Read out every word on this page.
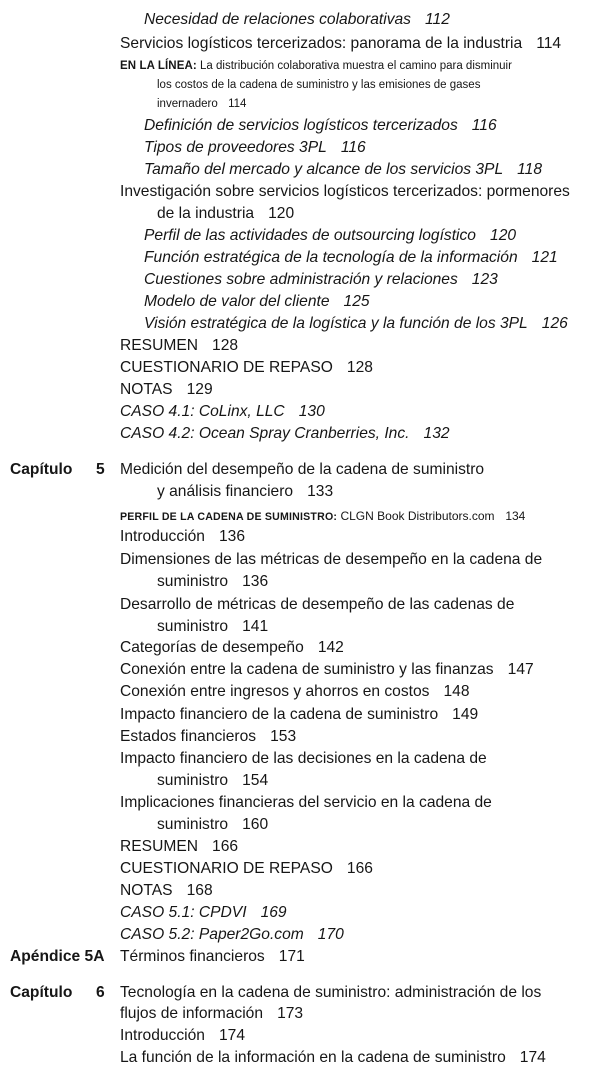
Necesidad de relaciones colaborativas 112
Servicios logísticos tercerizados: panorama de la industria 114
EN LA LÍNEA: La distribución colaborativa muestra el camino para disminuir
los costos de la cadena de suministro y las emisiones de gases
invernadero 114
Definición de servicios logísticos tercerizados 116
Tipos de proveedores 3PL 116
Tamaño del mercado y alcance de los servicios 3PL 118
Investigación sobre servicios logísticos tercerizados: pormenores
de la industria 120
Perfil de las actividades de outsourcing logístico 120
Función estratégica de la tecnología de la información 121
Cuestiones sobre administración y relaciones 123
Modelo de valor del cliente 125
Visión estratégica de la logística y la función de los 3PL 126
RESUMEN 128
CUESTIONARIO DE REPASO 128
NOTAS 129
CASO 4.1: CoLinx, LLC 130
CASO 4.2: Ocean Spray Cranberries, Inc. 132
Capítulo 5 Medición del desempeño de la cadena de suministro
y análisis financiero 133
PERFIL DE LA CADENA DE SUMINISTRO: CLGN Book Distributors.com 134
Introducción 136
Dimensiones de las métricas de desempeño en la cadena de
suministro 136
Desarrollo de métricas de desempeño de las cadenas de
suministro 141
Categorías de desempeño 142
Conexión entre la cadena de suministro y las finanzas 147
Conexión entre ingresos y ahorros en costos 148
Impacto financiero de la cadena de suministro 149
Estados financieros 153
Impacto financiero de las decisiones en la cadena de
suministro 154
Implicaciones financieras del servicio en la cadena de
suministro 160
RESUMEN 166
CUESTIONARIO DE REPASO 166
NOTAS 168
CASO 5.1: CPDVI 169
CASO 5.2: Paper2Go.com 170
Apéndice 5A Términos financieros 171
Capítulo 6 Tecnología en la cadena de suministro: administración de los
flujos de información 173
Introducción 174
La función de la información en la cadena de suministro 174
